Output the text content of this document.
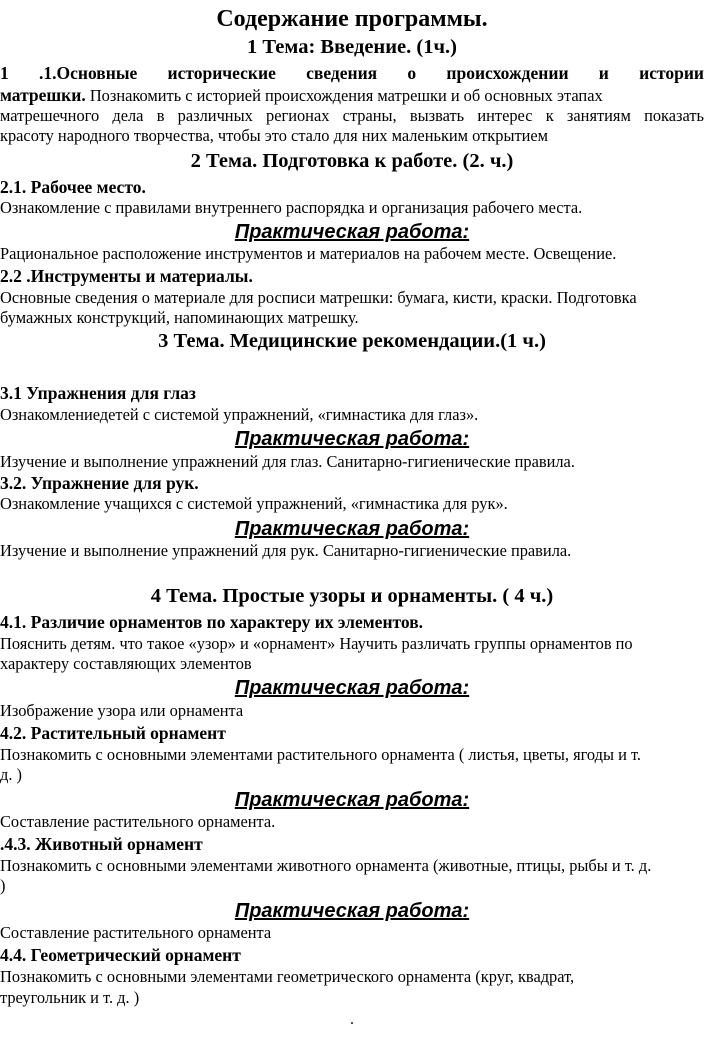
Содержание программы.
1 Тема: Введение. (1ч.)
1 .1.Основные исторические сведения о происхождении и истории
матрешки. Познакомить с историей происхождения матрешки и об основных этапах
матрешечного дела в различных регионах страны, вызвать интерес к занятиям показать
красоту народного творчества, чтобы это стало для них маленьким открытием
2 Тема. Подготовка к работе. (2. ч.)
2.1. Рабочее место.
Ознакомление с правилами внутреннего распорядка и организация рабочего места.
Практическая работа:
Рациональное расположение инструментов и материалов на рабочем месте. Освещение.
2.2 .Инструменты и материалы.
Основные сведения о материале для росписи матрешки: бумага, кисти, краски. Подготовка
бумажных конструкций, напоминающих матрешку.
3 Тема. Медицинские рекомендации.(1 ч.)
3.1 Упражнения для глаз
Ознакомлениедетей с системой упражнений, «гимнастика для глаз».
Практическая работа:
Изучение и выполнение упражнений для глаз. Санитарно-гигиенические правила.
3.2. Упражнение для рук.
Ознакомление учащихся с системой упражнений, «гимнастика для рук».
Практическая работа:
Изучение и выполнение упражнений для рук. Санитарно-гигиенические правила.
4 Тема. Простые узоры и орнаменты. ( 4 ч.)
4.1. Различие орнаментов по характеру их элементов.
Пояснить детям. что такое «узор» и «орнамент» Научить различать группы орнаментов по
характеру составляющих элементов
Практическая работа:
Изображение узора или орнамента
4.2. Растительный орнамент
Познакомить с основными элементами растительного орнамента ( листья, цветы, ягоды и т.
д. )
Практическая работа:
Составление растительного орнамента.
.4.3. Животный орнамент
Познакомить с основными элементами животного орнамента (животные, птицы, рыбы и т. д.
)
Практическая работа:
Составление растительного орнамента
4.4. Геометрический орнамент
Познакомить с основными элементами геометрического орнамента (круг, квадрат,
треугольник и т. д. )
.
